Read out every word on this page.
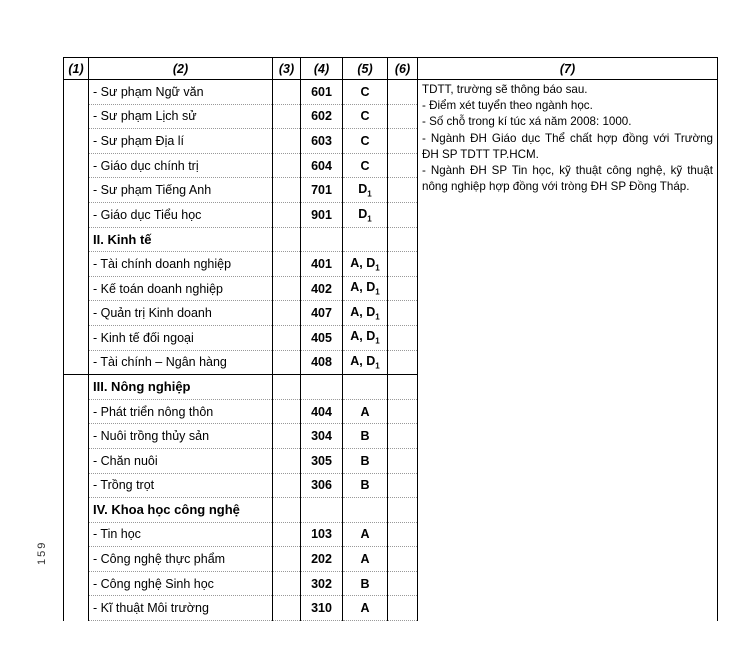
159
(1)	(2)	(3)	(4)	(5)	(6)	(7)
	- Sư phạm Ngữ văn		601	C		TDTT, trường sẽ thông báo sau.
- Điểm xét tuyển theo ngành học.
- Số chỗ trong kí túc xá năm 2008: 1000.
- Ngành ĐH Giáo dục Thể chất hợp đồng với Trường ĐH SP TDTT TP.HCM.
- Ngành ĐH SP Tin học, kỹ thuật công nghệ, kỹ thuật nông nghiệp hợp đồng với tròng ĐH SP Đồng Tháp.

	- Sư phạm Lịch sử		602	C		
	- Sư phạm Địa lí		603	C		
	- Giáo dục chính trị		604	C		
	- Sư phạm Tiếng Anh		701	$D_1$	
	- Giáo dục Tiểu học		901	$D_1$	
	II. Kinh tế					
	- Tài chính doanh nghiệp		401	A, $D_1$	
	- Kế toán doanh nghiệp		402	A, $D_1$	
	- Quản trị Kinh doanh		407	A, $D_1$	
	- Kinh tế đối ngoại		405	A, $D_1$	
	- Tài chính – Ngân hàng		408	A, $D_1$	
	III. Nông nghiệp					
	- Phát triển nông thôn		404	A		
	- Nuôi trồng thủy sản		304	B		
	- Chăn nuôi		305	B		
	- Trồng trọt		306	B		
	IV. Khoa học công nghệ					
	- Tin học		103	A		
	- Công nghệ thực phẩm		202	A		
	- Công nghệ Sinh học		302	B		
	- Kĩ thuật Môi trường		310	A		
